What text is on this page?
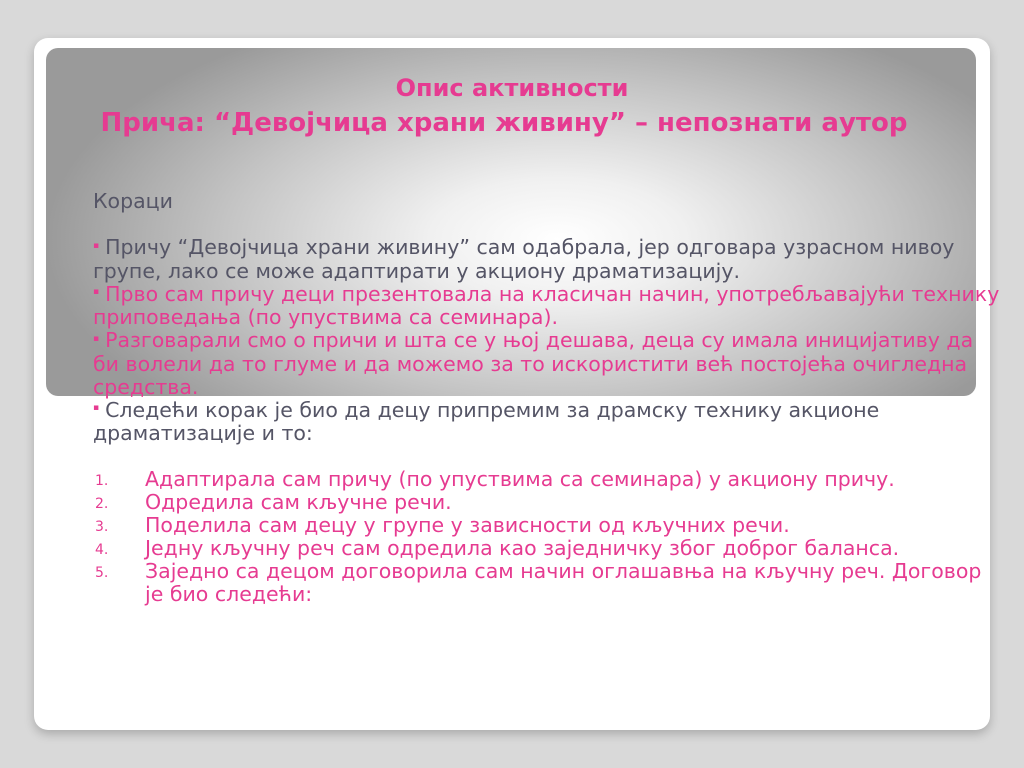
Опис активности
Прича: “Девојчица храни живину” – непознати аутор

Кораци

▪ Причу “Девојчица храни живину” сам одабрала, јер одговара узрасном нивоу групе, лако се може адаптирати у акциону драматизацију.

▪ Прво сам причу деци презентовала на класичан начин, употребљавајући технику приповедања (по упуствима са семинара).

▪ Разговарали смо о причи и шта се у њој дешава, деца су имала иницијативу да би волели да то глуме и да можемо за то искористити већ постојећа очигледна средства.

▪ Следећи корак је био да децу припремим за драмску технику акционе драматизације и то:

1. Адаптирала сам причу (по упуствима са семинара) у акциону причу.
2. Одредила сам кључне речи.
3. Поделила сам децу у групе у зависности од кључних речи.
4. Једну кључну реч сам одредила као заједничку због доброг баланса.
5. Заједно са децом договорила сам начин оглашавња на кључну реч. Договор је био следећи:
